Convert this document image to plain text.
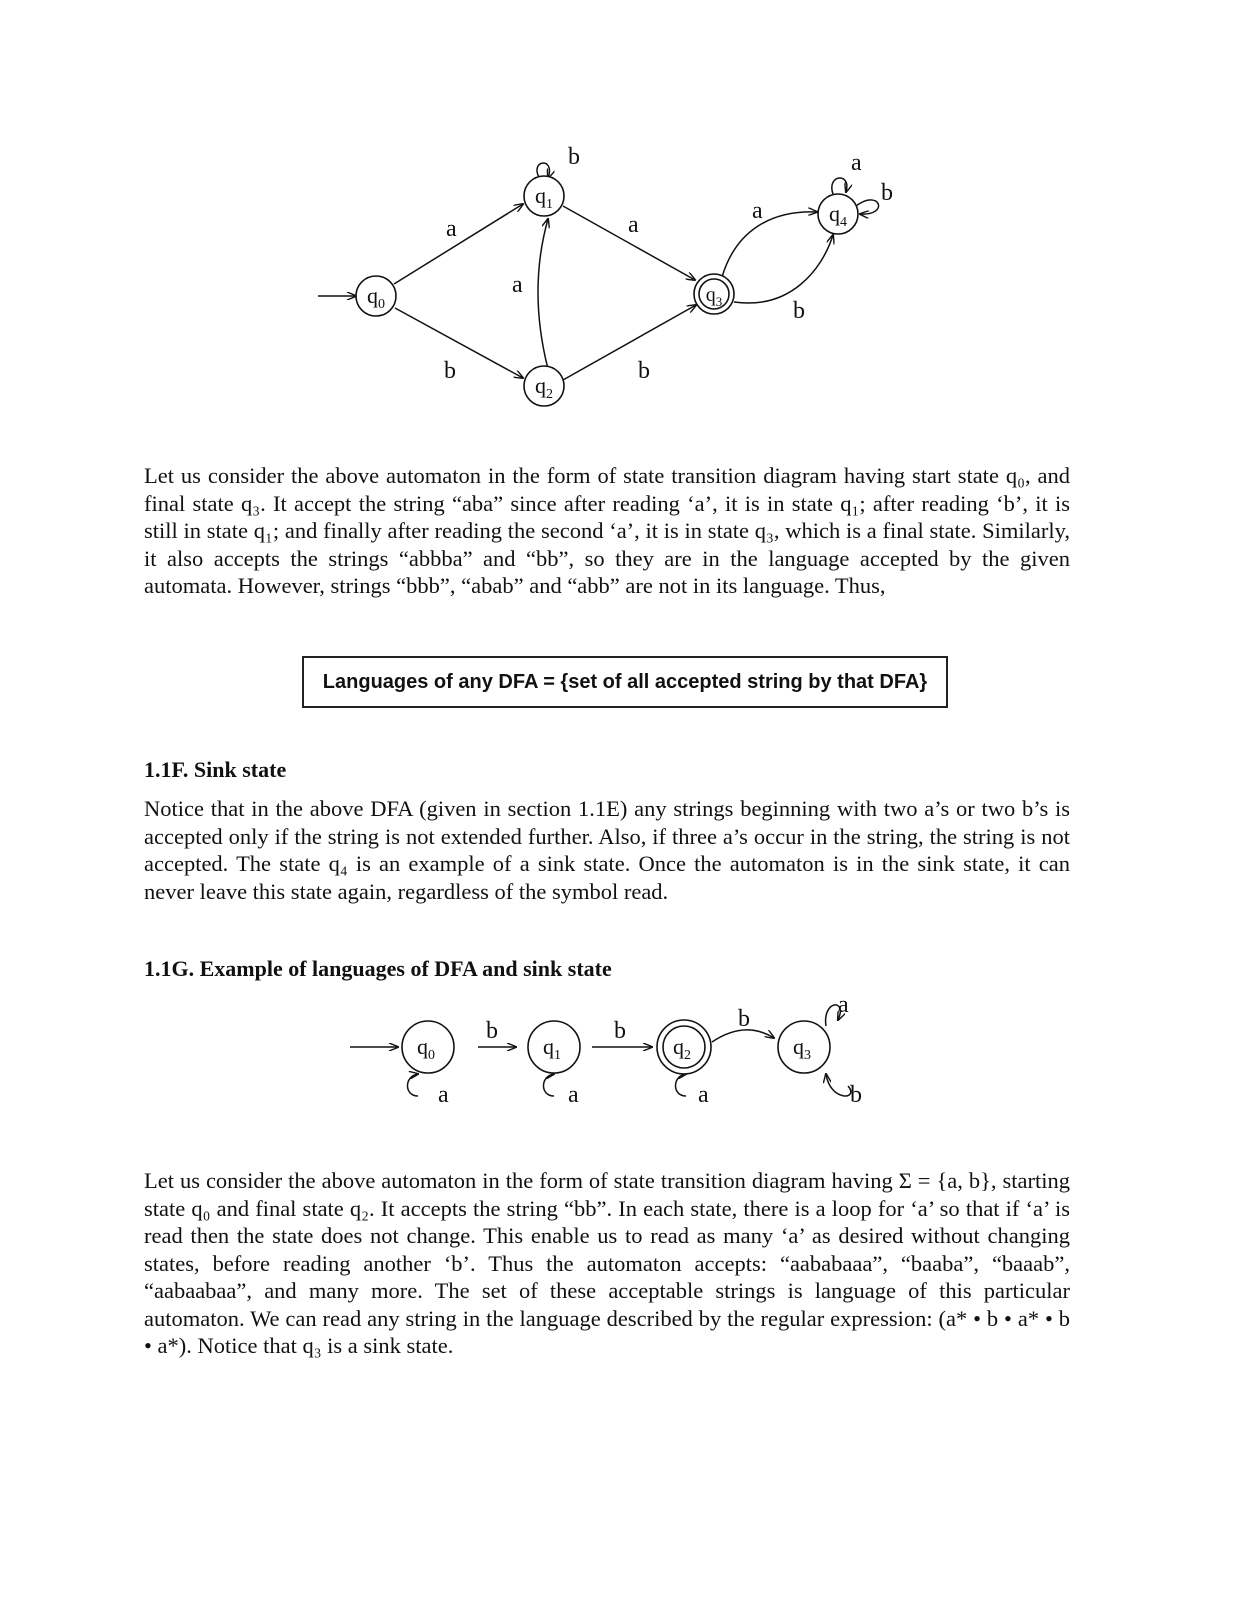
$q_0$
$q_1$
$q_2$
$q_3$
$q_4$
a
b
a
b
a
b
a
b
a
b

Let us consider the above automaton in the form of state transition diagram having start state q₀, and final state q₃. It accept the string “aba” since after reading ‘a’, it is in state q₁; after reading ‘b’, it is still in state q₁; and finally after reading the second ‘a’, it is in state q₃, which is a final state. Similarly, it also accepts the strings “abbba” and “bb”, so they are in the language accepted by the given automata. However, strings “bbb”, “abab” and “abb” are not in its language. Thus,

Languages of any DFA = {set of all accepted string by that DFA}
1.1F. Sink state

Notice that in the above DFA (given in section 1.1E) any strings beginning with two a’s or two b’s is accepted only if the string is not extended further. Also, if three a’s occur in the string, the string is not accepted. The state q₄ is an example of a sink state. Once the automaton is in the sink state, it can never leave this state again, regardless of the symbol read.

1.1G. Example of languages of DFA and sink state
$q_0$	$q_1$	$q_2$	$q_3$
b	b	b
a	a	a
a
b

Let us consider the above automaton in the form of state transition diagram having Σ = {a, b}, starting state q₀ and final state q₂. It accepts the string “bb”. In each state, there is a loop for ‘a’ so that if ‘a’ is read then the state does not change. This enable us to read as many ‘a’ as desired without changing states, before reading another ‘b’. Thus the automaton accepts: “aababaaa”, “baaba”, “baaab”, “aabaabaa”, and many more. The set of these acceptable strings is language of this particular automaton. We can read any string in the language described by the regular expression: (a* • b • a* • b • a*). Notice that q₃ is a sink state.
